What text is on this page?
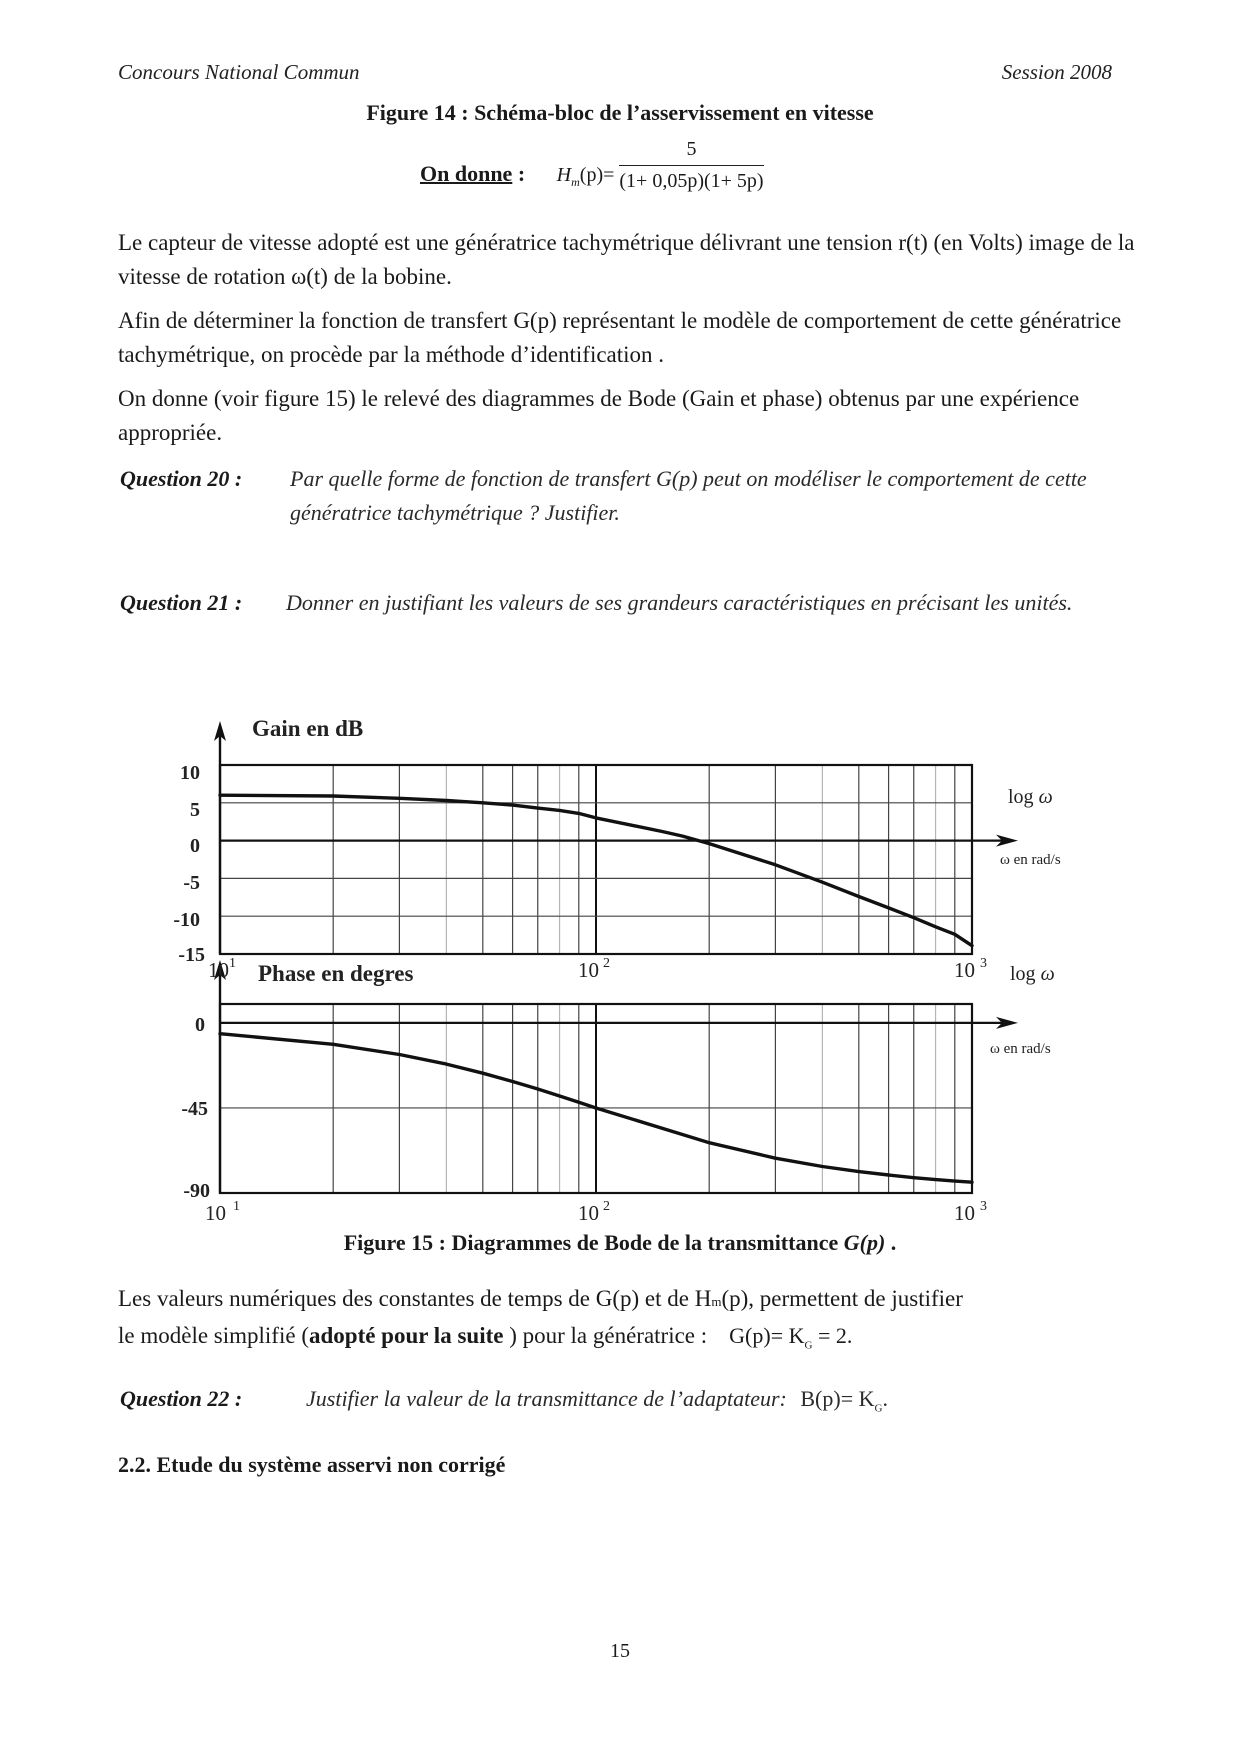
Concours National Commun	Session 2008
Figure 14 : Schéma-bloc de l’asservissement en vitesse
On donne : $H_m(p)= \frac{5}{(1+ 0,05p)(1+ 5p)}$
Le capteur de vitesse adopté est une génératrice tachymétrique délivrant une tension r(t) (en Volts) image de la vitesse de rotation ω(t) de la bobine.
Afin de déterminer la fonction de transfert G(p) représentant le modèle de comportement de cette génératrice tachymétrique, on procède par la méthode d’identification .
On donne (voir figure 15) le relevé des diagrammes de Bode (Gain et phase) obtenus par une expérience appropriée.
Question 20 : Par quelle forme de fonction de transfert G(p) peut on modéliser le comportement de cette génératrice tachymétrique ? Justifier.
Question 21 : Donner en justifiant les valeurs de ses grandeurs caractéristiques en précisant les unités.
Gain en dB
Phase en degres
log ω
ω en rad/s
log ω
ω en rad/s
10
5
0
-5
-10
-15
10 1	10 2	10 3
0
-45
-90
10 1	10 2	10 3
Figure 15 : Diagrammes de Bode de la transmittance G(p) .
Les valeurs numériques des constantes de temps de G(p) et de Hm(p), permettent de justifier
le modèle simplifié (adopté pour la suite ) pour la génératrice : $G(p)= K_G = 2$.
Question 22 :	Justifier la valeur de la transmittance de l’adaptateur: $B(p)= K_G$.
2.2. Etude du système asservi non corrigé
15
